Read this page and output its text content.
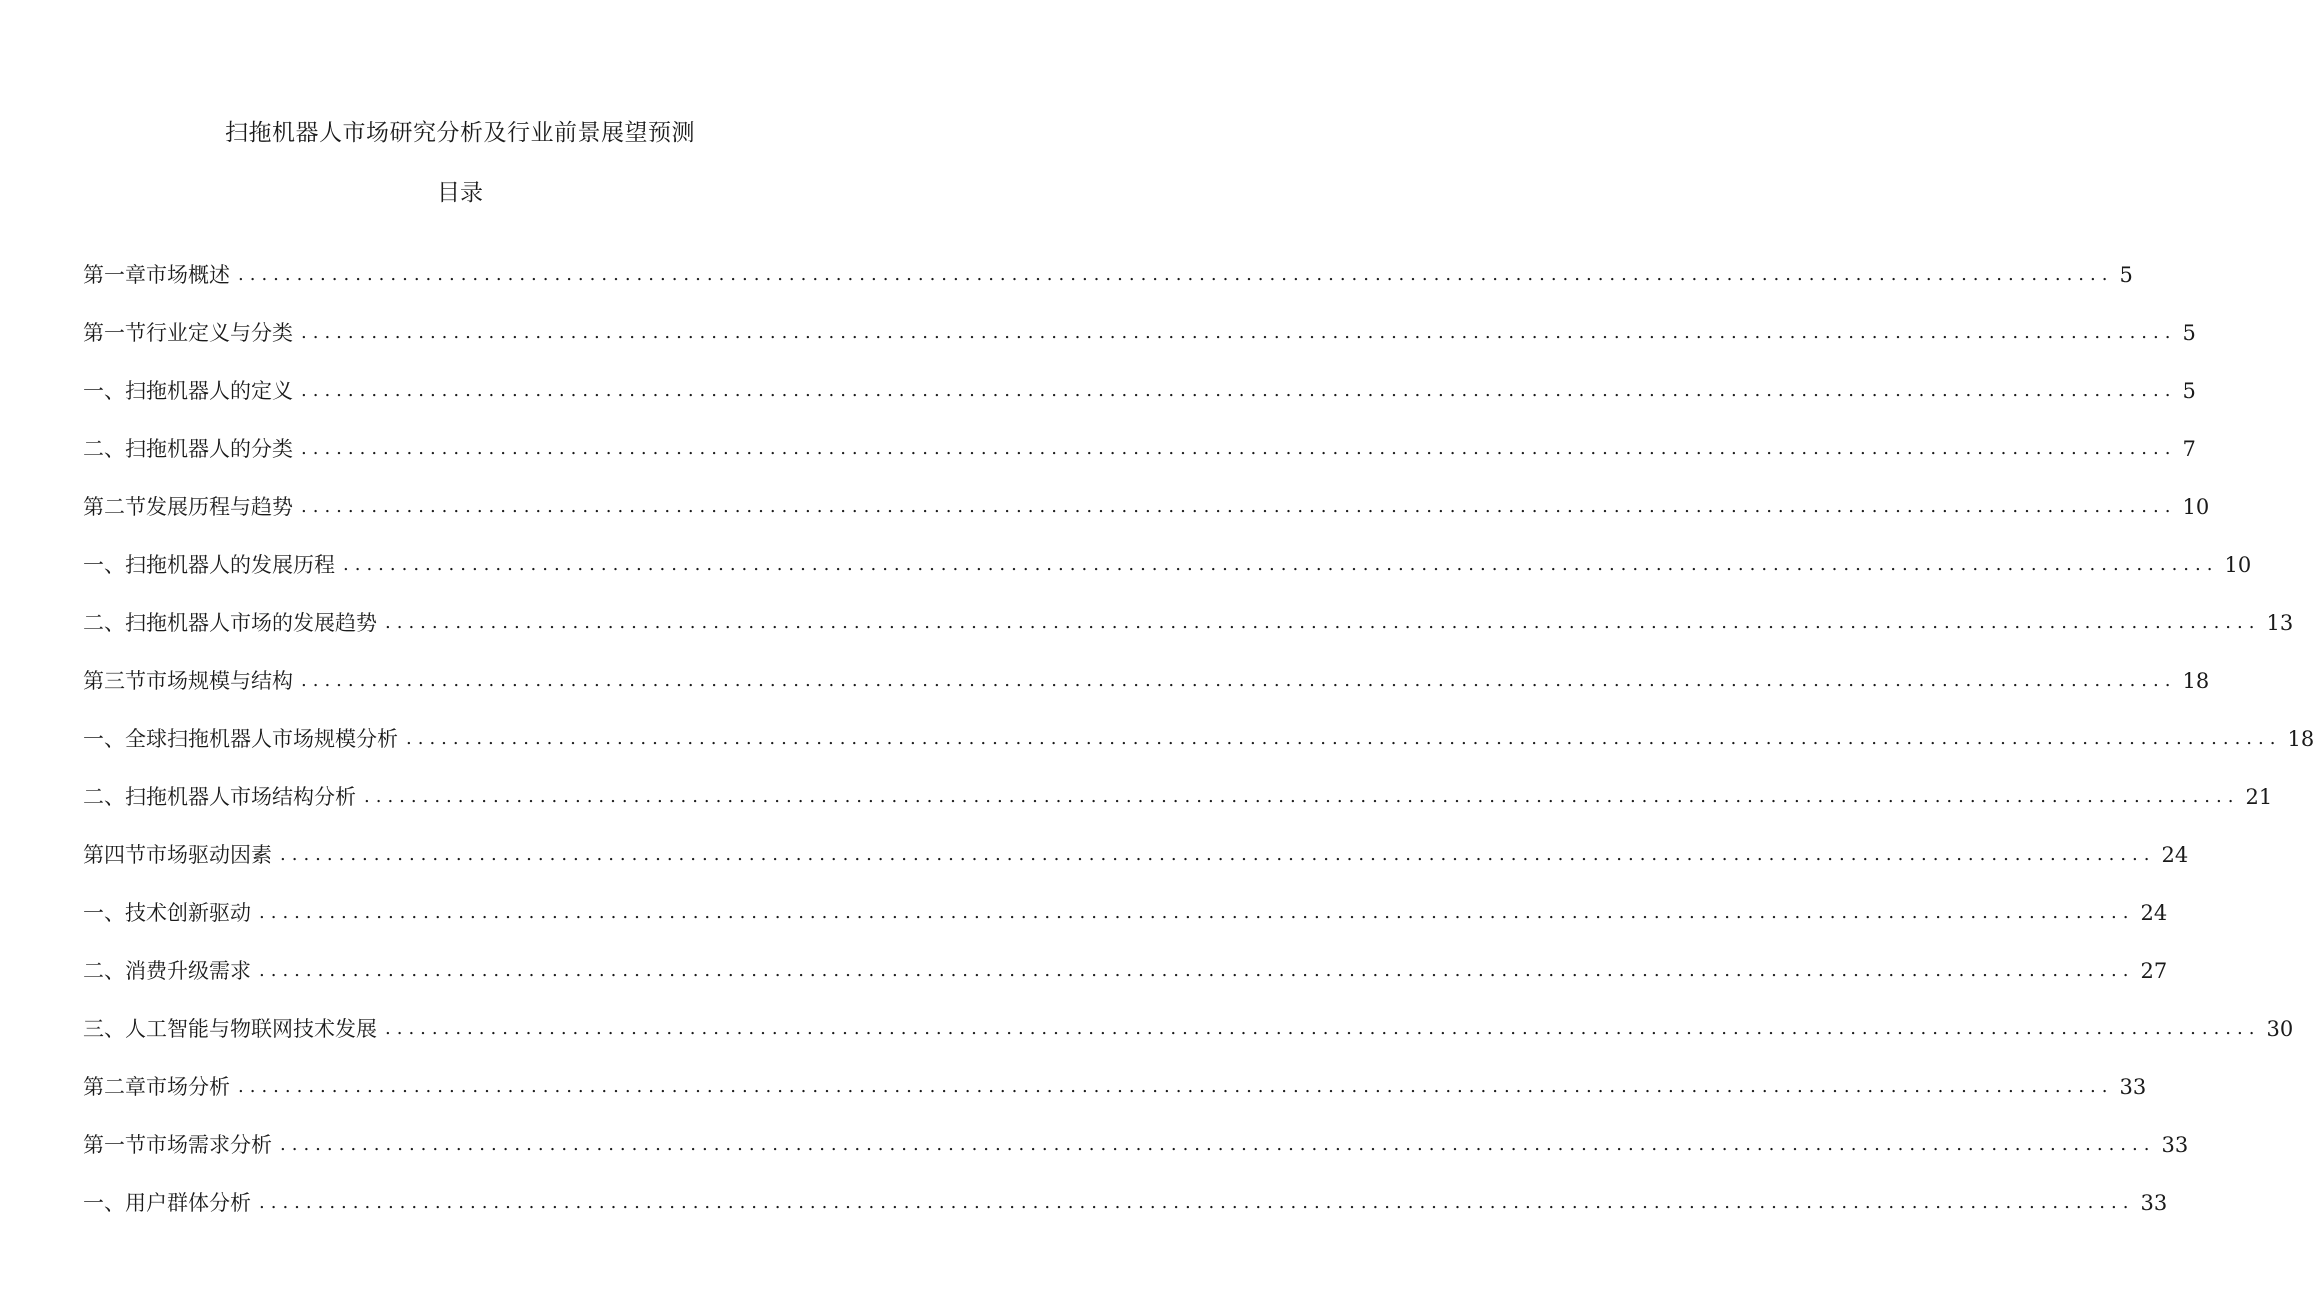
扫拖机器人市场研究分析及行业前景展望预测
目录
第一章市场概述 ................................................................................................................................................................ 5
第一节行业定义与分类 ................................................................................................................................................................ 5
一、扫拖机器人的定义 ................................................................................................................................................................ 5
二、扫拖机器人的分类 ................................................................................................................................................................ 7
第二节发展历程与趋势 ................................................................................................................................................................ 10
一、扫拖机器人的发展历程 ................................................................................................................................................................ 10
二、扫拖机器人市场的发展趋势 ................................................................................................................................................................ 13
第三节市场规模与结构 ................................................................................................................................................................ 18
一、全球扫拖机器人市场规模分析 ................................................................................................................................................................ 18
二、扫拖机器人市场结构分析 ................................................................................................................................................................ 21
第四节市场驱动因素 ................................................................................................................................................................ 24
一、技术创新驱动 ................................................................................................................................................................ 24
二、消费升级需求 ................................................................................................................................................................ 27
三、人工智能与物联网技术发展 ................................................................................................................................................................ 30
第二章市场分析 ................................................................................................................................................................ 33
第一节市场需求分析 ................................................................................................................................................................ 33
一、用户群体分析 ................................................................................................................................................................ 33
